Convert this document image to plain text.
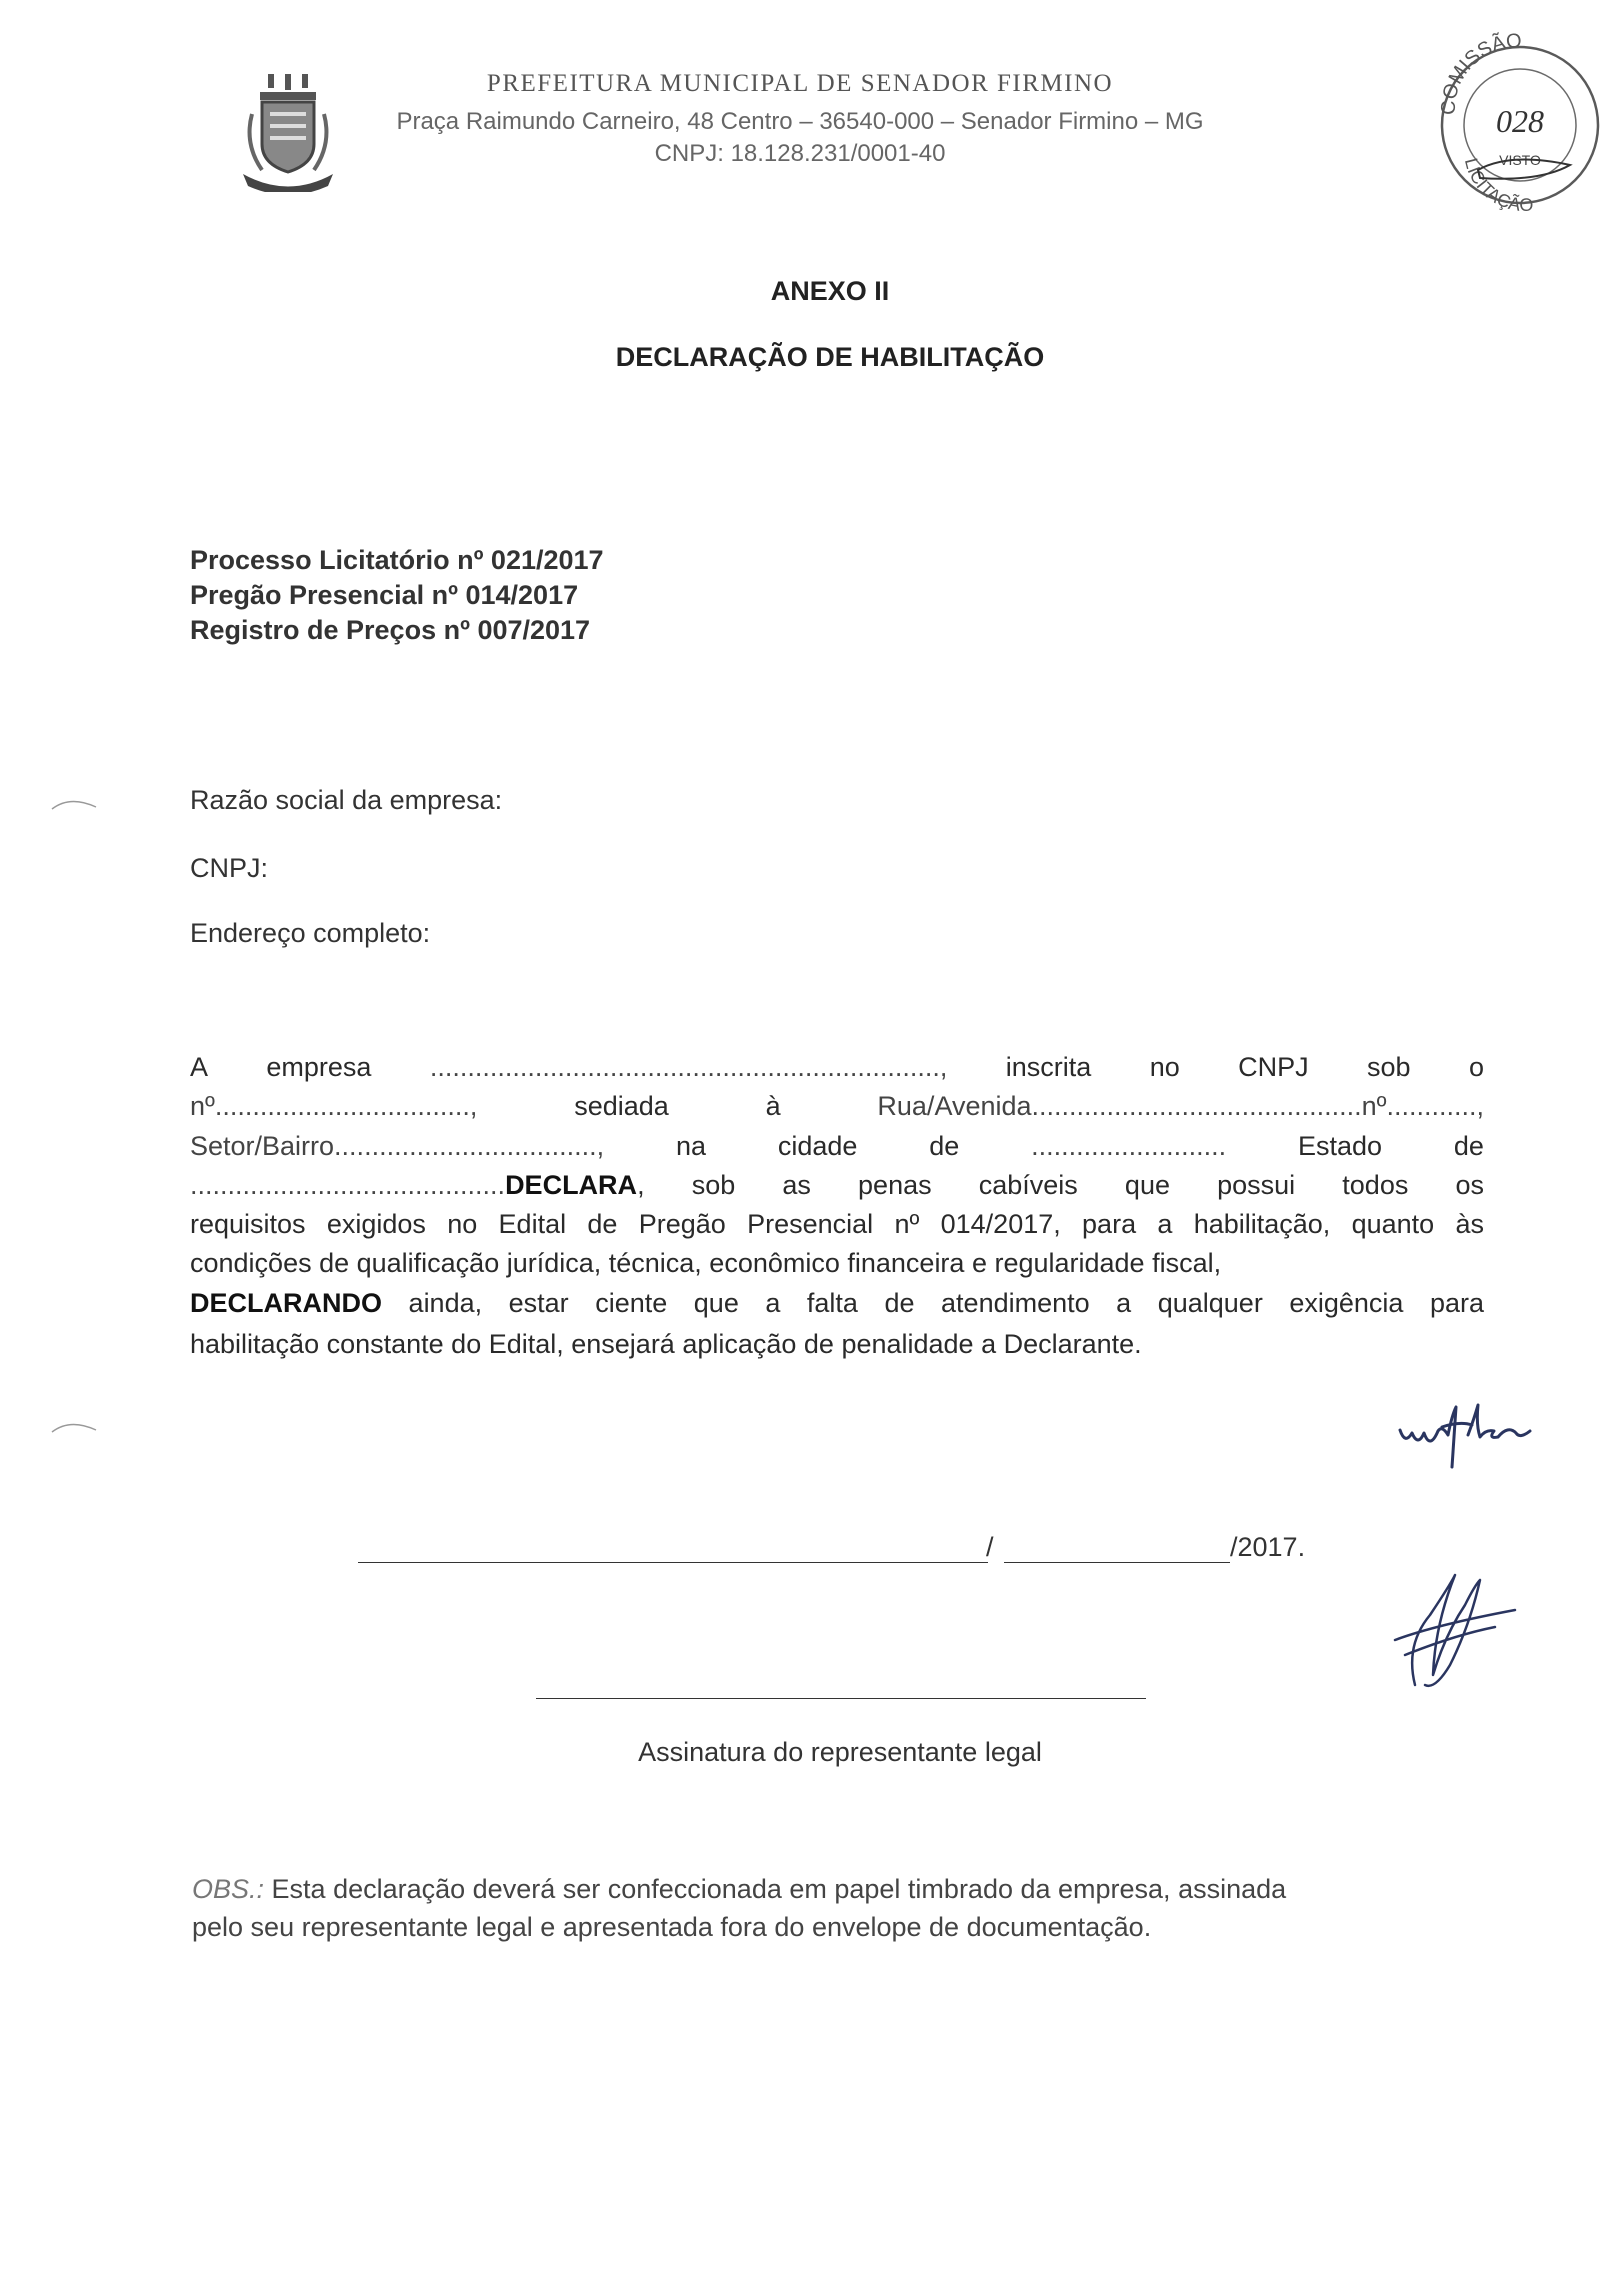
PREFEITURA MUNICIPAL DE SENADOR FIRMINO
Praça Raimundo Carneiro, 48 Centro – 36540-000 – Senador Firmino – MG
CNPJ: 18.128.231/0001-40
COMISSÃO
LICITAÇÃO
028
VISTO
ANEXO II
DECLARAÇÃO DE HABILITAÇÃO
Processo Licitatório nº 021/2017
Pregão Presencial nº 014/2017
Registro de Preços nº 007/2017
Razão social da empresa:
CNPJ:
Endereço completo:
A empresa ...................................................................., inscrita no CNPJ sob o
nº..................................,	sediada	à	Rua/Avenida............................................nº............,
Setor/Bairro...................................,	na	cidade	de	..........................	Estado	de
..........................................DECLARA, sob as penas cabíveis que possui todos os
requisitos exigidos no Edital de Pregão Presencial nº 014/2017, para a habilitação, quanto às
condições de qualificação jurídica, técnica, econômico financeira e regularidade fiscal,
DECLARANDO ainda, estar ciente que a falta de atendimento a qualquer exigência para
habilitação constante do Edital, ensejará aplicação de penalidade a Declarante.
/	/2017.
Assinatura do representante legal
OBS.: Esta declaração deverá ser confeccionada em papel timbrado da empresa, assinada
pelo seu representante legal e apresentada fora do envelope de documentação.
